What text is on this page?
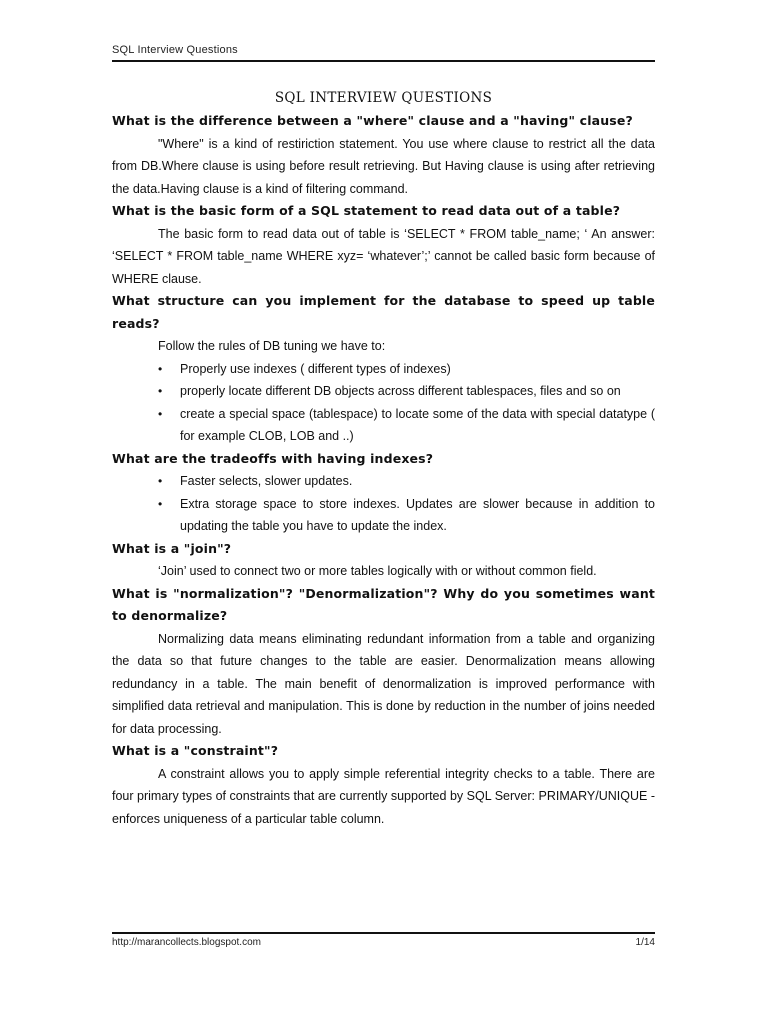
SQL Interview Questions
SQL INTERVIEW QUESTIONS

What is the difference between a "where" clause and a "having" clause?

"Where" is a kind of restiriction statement. You use where clause to restrict all the data from DB.Where clause is using before result retrieving. But Having clause is using after retrieving the data.Having clause is a kind of filtering command.

What is the basic form of a SQL statement to read data out of a table?

The basic form to read data out of table is ‘SELECT * FROM table_name; ‘ An answer: ‘SELECT * FROM table_name WHERE xyz= ‘whatever’;’ cannot be called basic form because of WHERE clause.

What structure can you implement for the database to speed up table reads?

Follow the rules of DB tuning we have to:

• Properly use indexes ( different types of indexes)
• properly locate different DB objects across different tablespaces, files and so on
• create a special space (tablespace) to locate some of the data with special datatype ( for example CLOB, LOB and ..)

What are the tradeoffs with having indexes?

• Faster selects, slower updates.
• Extra storage space to store indexes. Updates are slower because in addition to updating the table you have to update the index.

What is a "join"?

‘Join’ used to connect two or more tables logically with or without common field.

What is "normalization"? "Denormalization"? Why do you sometimes want to denormalize?

Normalizing data means eliminating redundant information from a table and organizing the data so that future changes to the table are easier. Denormalization means allowing redundancy in a table. The main benefit of denormalization is improved performance with simplified data retrieval and manipulation. This is done by reduction in the number of joins needed for data processing.

What is a "constraint"?

A constraint allows you to apply simple referential integrity checks to a table. There are four primary types of constraints that are currently supported by SQL Server: PRIMARY/UNIQUE - enforces uniqueness of a particular table column.

http://marancollects.blogspot.com	1/14
